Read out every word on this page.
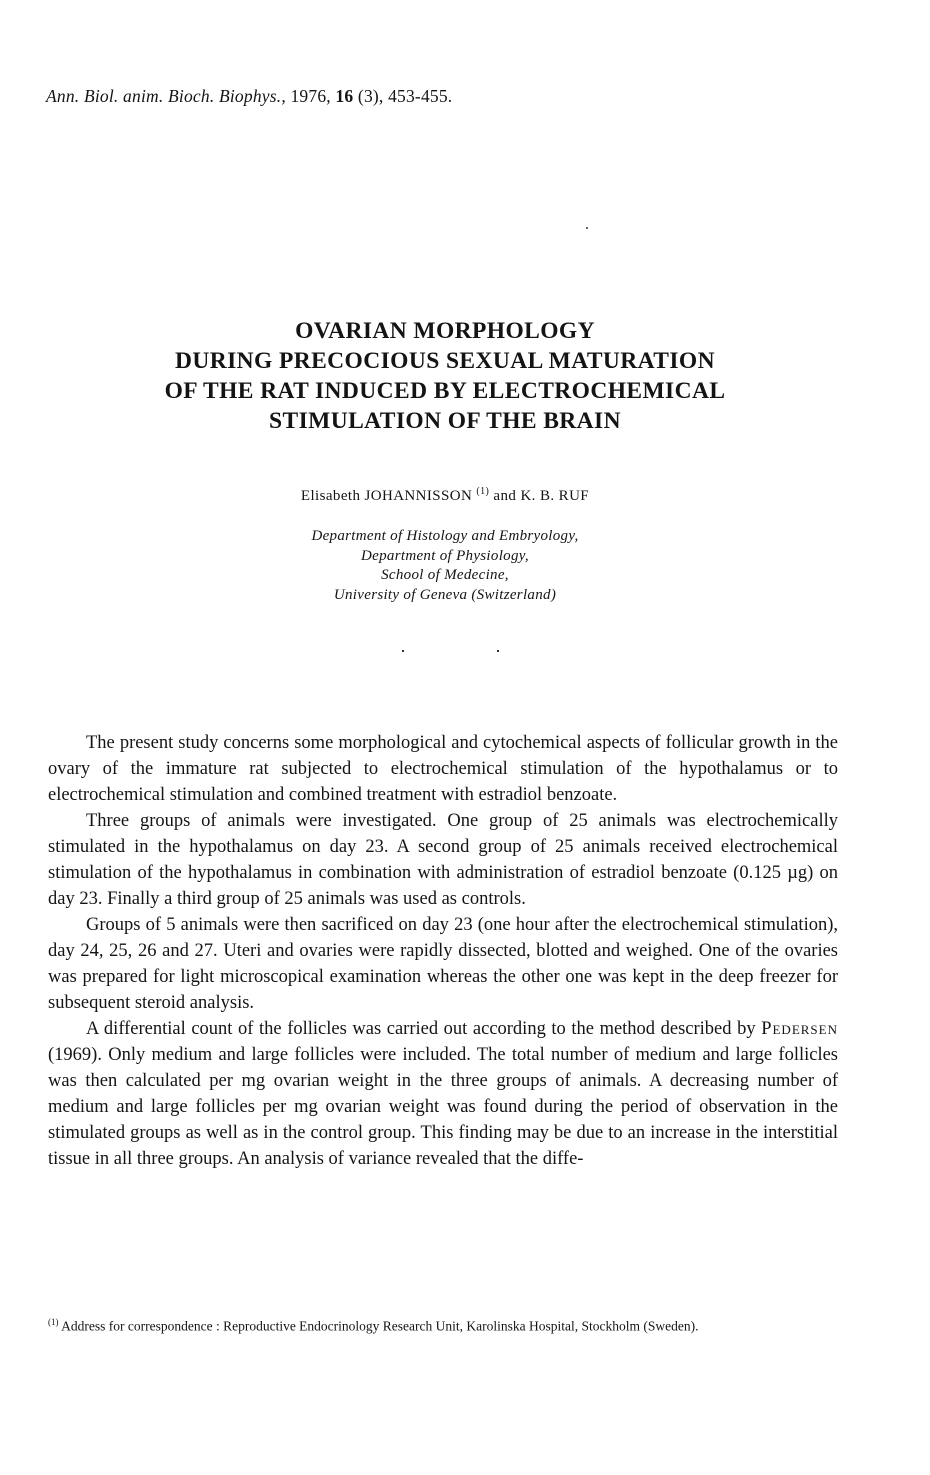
Ann. Biol. anim. Bioch. Biophys., 1976, 16 (3), 453-455.
OVARIAN MORPHOLOGY
DURING PRECOCIOUS SEXUAL MATURATION
OF THE RAT INDUCED BY ELECTROCHEMICAL
STIMULATION OF THE BRAIN
Elisabeth JOHANNISSON $^{(1)}$ and K. B. RUF
Department of Histology and Embryology,
Department of Physiology,
School of Medecine,
University of Geneva (Switzerland)

The present study concerns some morphological and cytochemical aspects of follicular growth in the ovary of the immature rat subjected to electrochemical stimulation of the hypothalamus or to electrochemical stimulation and combined treatment with estradiol benzoate.

Three groups of animals were investigated. One group of 25 animals was electrochemically stimulated in the hypothalamus on day 23. A second group of 25 animals received electrochemical stimulation of the hypothalamus in combination with administration of estradiol benzoate (0.125 µg) on day 23. Finally a third group of 25 animals was used as controls.

Groups of 5 animals were then sacrificed on day 23 (one hour after the electrochemical stimulation), day 24, 25, 26 and 27. Uteri and ovaries were rapidly dissected, blotted and weighed. One of the ovaries was prepared for light microscopical examination whereas the other one was kept in the deep freezer for subsequent steroid analysis.

A differential count of the follicles was carried out according to the method described by Pedersen (1969). Only medium and large follicles were included. The total number of medium and large follicles was then calculated per mg ovarian weight in the three groups of animals. A decreasing number of medium and large follicles per mg ovarian weight was found during the period of observation in the stimulated groups as well as in the control group. This finding may be due to an increase in the interstitial tissue in all three groups. An analysis of variance revealed that the diffe-

$^{(1)}$ Address for correspondence : Reproductive Endocrinology Research Unit, Karolinska Hospital, Stockholm (Sweden).
